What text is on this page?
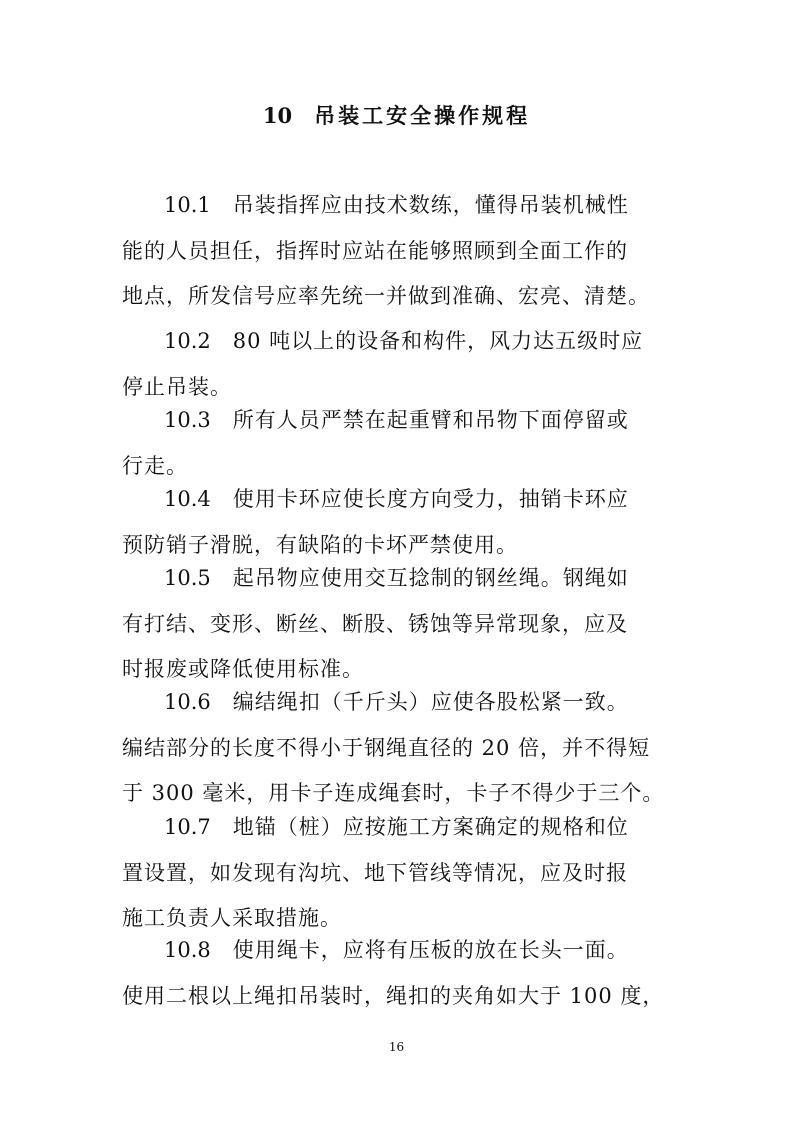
10 吊装工安全操作规程
10.1 吊装指挥应由技术数练，懂得吊装机械性
能的人员担任，指挥时应站在能够照顾到全面工作的
地点，所发信号应率先统一并做到准确、宏亮、清楚。
10.2 80 吨以上的设备和构件，风力达五级时应
停止吊装。
10.3 所有人员严禁在起重臂和吊物下面停留或
行走。
10.4 使用卡环应使长度方向受力，抽销卡环应
预防销子滑脱，有缺陷的卡坏严禁使用。
10.5 起吊物应使用交互捻制的钢丝绳。钢绳如
有打结、变形、断丝、断股、锈蚀等异常现象，应及
时报废或降低使用标准。
10.6 编结绳扣（千斤头）应使各股松紧一致。
编结部分的长度不得小于钢绳直径的 20 倍，并不得短
于 300 毫米，用卡子连成绳套时，卡子不得少于三个。
10.7 地锚（桩）应按施工方案确定的规格和位
置设置，如发现有沟坑、地下管线等情况，应及时报
施工负责人采取措施。
10.8 使用绳卡，应将有压板的放在长头一面。
使用二根以上绳扣吊装时，绳扣的夹角如大于 100 度，
16
